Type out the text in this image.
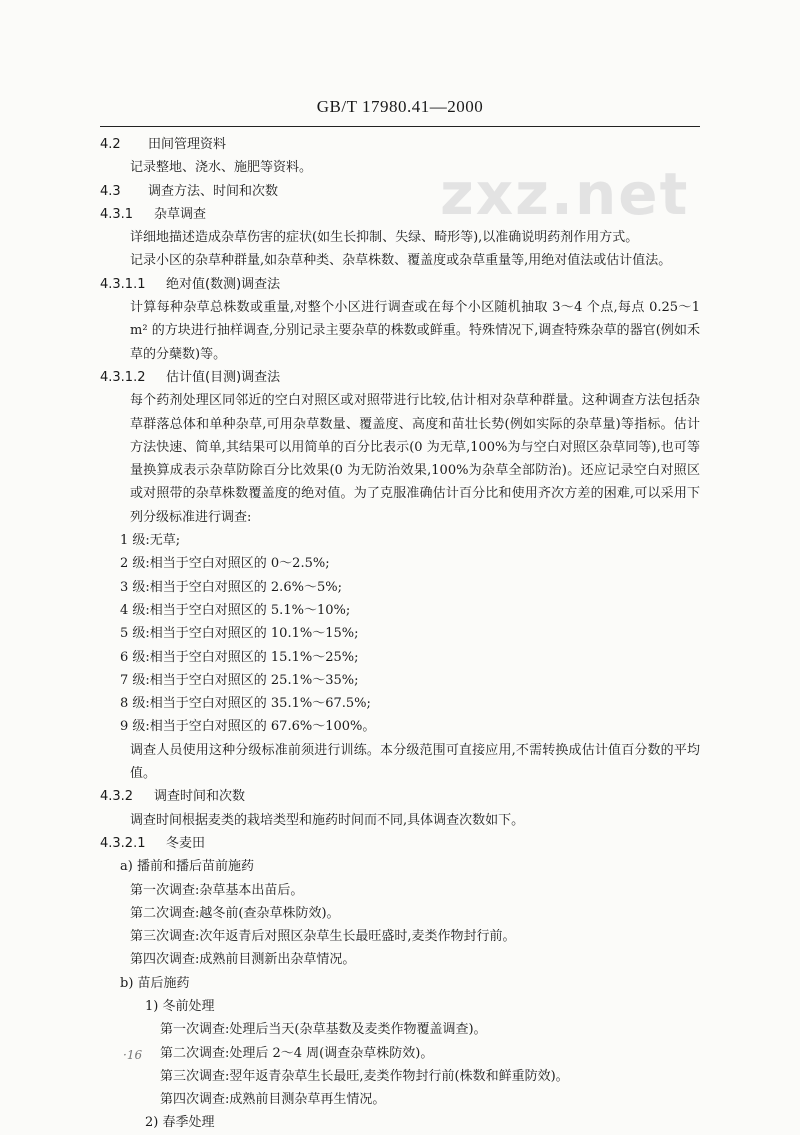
GB/T 17980.41—2000
zxz.net
4.2 田间管理资料
记录整地、浇水、施肥等资料。
4.3 调查方法、时间和次数
4.3.1 杂草调查
详细地描述造成杂草伤害的症状(如生长抑制、失绿、畸形等),以准确说明药剂作用方式。
记录小区的杂草种群量,如杂草种类、杂草株数、覆盖度或杂草重量等,用绝对值法或估计值法。
4.3.1.1 绝对值(数测)调查法
计算每种杂草总株数或重量,对整个小区进行调查或在每个小区随机抽取 3～4 个点,每点 0.25～1 m² 的方块进行抽样调查,分别记录主要杂草的株数或鲜重。特殊情况下,调查特殊杂草的器官(例如禾草的分蘖数)等。
4.3.1.2 估计值(目测)调查法
每个药剂处理区同邻近的空白对照区或对照带进行比较,估计相对杂草种群量。这种调查方法包括杂草群落总体和单种杂草,可用杂草数量、覆盖度、高度和苗壮长势(例如实际的杂草量)等指标。估计方法快速、简单,其结果可以用简单的百分比表示(0 为无草,100%为与空白对照区杂草同等),也可等量换算成表示杂草防除百分比效果(0 为无防治效果,100%为杂草全部防治)。还应记录空白对照区或对照带的杂草株数覆盖度的绝对值。为了克服准确估计百分比和使用齐次方差的困难,可以采用下列分级标准进行调查:
1 级:无草;
2 级:相当于空白对照区的 0～2.5%;
3 级:相当于空白对照区的 2.6%～5%;
4 级:相当于空白对照区的 5.1%～10%;
5 级:相当于空白对照区的 10.1%～15%;
6 级:相当于空白对照区的 15.1%～25%;
7 级:相当于空白对照区的 25.1%～35%;
8 级:相当于空白对照区的 35.1%～67.5%;
9 级:相当于空白对照区的 67.6%～100%。
调查人员使用这种分级标准前须进行训练。本分级范围可直接应用,不需转换成估计值百分数的平均值。
4.3.2 调查时间和次数
调查时间根据麦类的栽培类型和施药时间而不同,具体调查次数如下。
4.3.2.1 冬麦田
a) 播前和播后苗前施药
第一次调查:杂草基本出苗后。
第二次调查:越冬前(查杂草株防效)。
第三次调查:次年返青后对照区杂草生长最旺盛时,麦类作物封行前。
第四次调查:成熟前目测新出杂草情况。
b) 苗后施药
1) 冬前处理
第一次调查:处理后当天(杂草基数及麦类作物覆盖调查)。
第二次调查:处理后 2～4 周(调查杂草株防效)。
第三次调查:翌年返青杂草生长最旺,麦类作物封行前(株数和鲜重防效)。
第四次调查:成熟前目测杂草再生情况。
2) 春季处理
·16
